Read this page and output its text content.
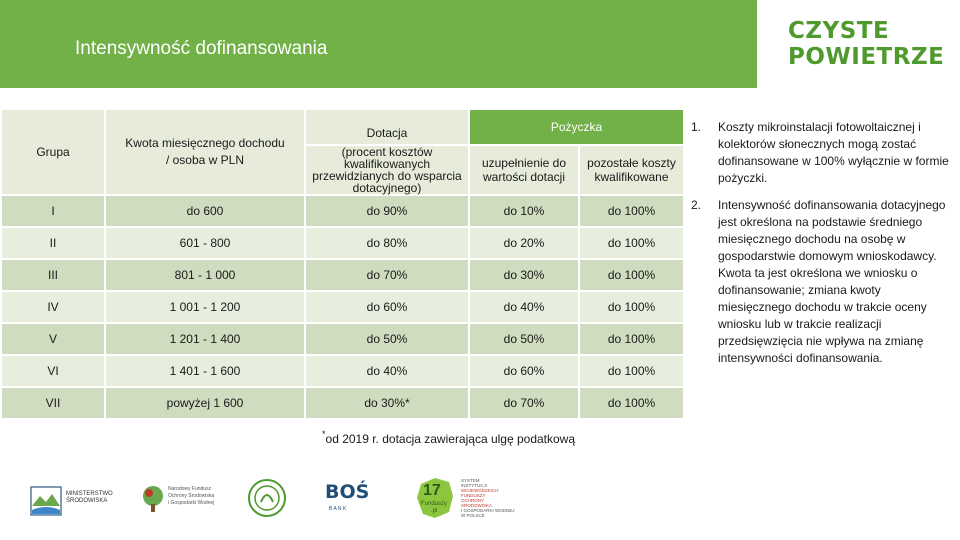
Intensywność dofinansowania
CZYSTE
POWIETRZE
Grupa	Kwota miesięcznego dochodu / osoba w PLN	Dotacja	Pożyczka	
		(procent kosztów kwalifikowanych przewidzianych do wsparcia dotacyjnego)	uzupełnienie do wartości dotacji	pozostałe koszty kwalifikowane
I	do 600	do 90%	do 10%	do 100%
II	601 - 800	do 80%	do 20%	do 100%
III	801 - 1 000	do 70%	do 30%	do 100%
IV	1 001 - 1 200	do 60%	do 40%	do 100%
V	1 201 - 1 400	do 50%	do 50%	do 100%
VI	1 401 - 1 600	do 40%	do 60%	do 100%
VII	powyżej 1 600	do 30%*	do 70%	do 100%
*od 2019 r. dotacja zawierająca ulgę podatkową
1.	Koszty mikroinstalacji fotowoltaicznej i kolektorów słonecznych mogą zostać dofinansowane w 100% wyłącznie w formie pożyczki.
2.	Intensywność dofinansowania dotacyjnego jest określona na podstawie średniego miesięcznego dochodu na osobę w gospodarstwie domowym wnioskodawcy. Kwota ta jest określona we wniosku o dofinansowanie; zmiana kwoty miesięcznego dochodu w trakcie oceny wniosku lub w trakcie realizacji przedsięwzięcia nie wpływa na zmianę intensywności dofinansowania.
MINISTERSTWO
ŚRODOWISKA
Narodowy Fundusz
Ochrony Środowiska
i Gospodarki Wodnej	BOŚ
B A N K
17
Funduszy
.pl
SYSTEM
INSTYTUCJI
WOJEWÓDZKICH
FUNDUSZY
OCHRONY
ŚRODOWISKA
I GOSPODARKI WODNEJ
W POLSCE
